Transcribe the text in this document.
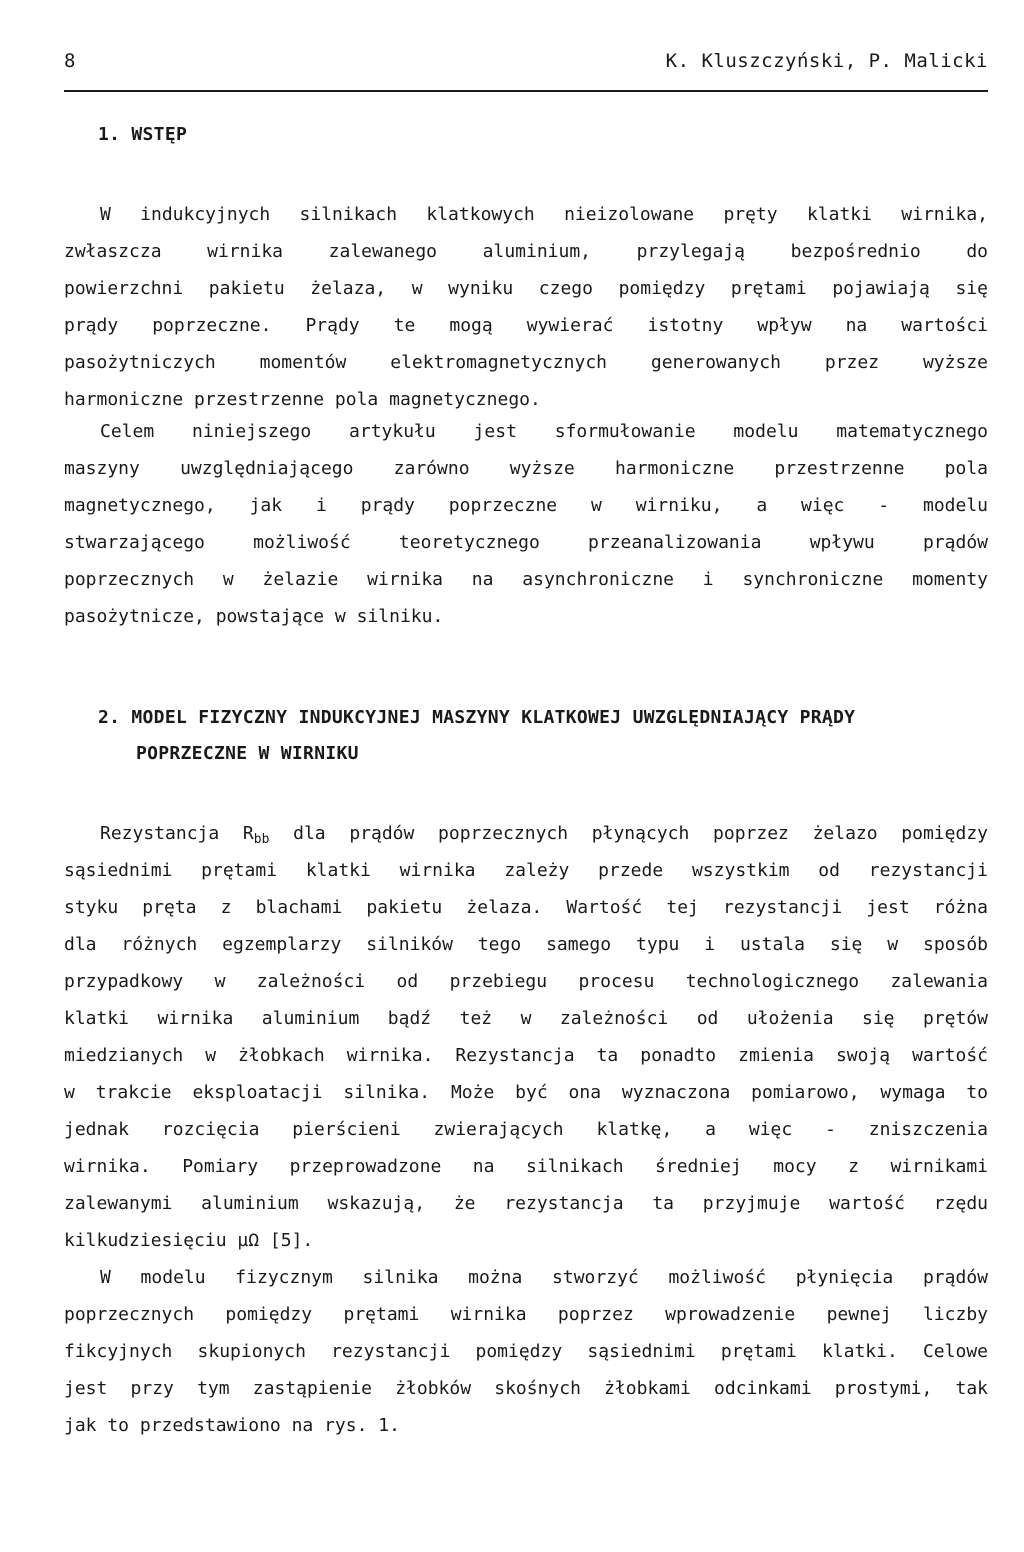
8	K. Kluszczyński, P. Malicki
1. WSTĘP
W indukcyjnych silnikach klatkowych nieizolowane pręty klatki wirnika,
zwłaszcza wirnika zalewanego aluminium, przylegają bezpośrednio do
powierzchni pakietu żelaza, w wyniku czego pomiędzy prętami pojawiają się
prądy poprzeczne. Prądy te mogą wywierać istotny wpływ na wartości
pasożytniczych momentów elektromagnetycznych generowanych przez wyższe
harmoniczne przestrzenne pola magnetycznego.
Celem niniejszego artykułu jest sformułowanie modelu matematycznego
maszyny uwzględniającego zarówno wyższe harmoniczne przestrzenne pola
magnetycznego, jak i prądy poprzeczne w wirniku, a więc - modelu
stwarzającego możliwość teoretycznego przeanalizowania wpływu prądów
poprzecznych w żelazie wirnika na asynchroniczne i synchroniczne momenty
pasożytnicze, powstające w silniku.
2. MODEL FIZYCZNY INDUKCYJNEJ MASZYNY KLATKOWEJ UWZGLĘDNIAJĄCY PRĄDY
POPRZECZNE W WIRNIKU
Rezystancja $R_{bb}$ dla prądów poprzecznych płynących poprzez żelazo pomiędzy
sąsiednimi prętami klatki wirnika zależy przede wszystkim od rezystancji
styku pręta z blachami pakietu żelaza. Wartość tej rezystancji jest różna
dla różnych egzemplarzy silników tego samego typu i ustala się w sposób
przypadkowy w zależności od przebiegu procesu technologicznego zalewania
klatki wirnika aluminium bądź też w zależności od ułożenia się prętów
miedzianych w żłobkach wirnika. Rezystancja ta ponadto zmienia swoją wartość
w trakcie eksploatacji silnika. Może być ona wyznaczona pomiarowo, wymaga to
jednak rozcięcia pierścieni zwierających klatkę, a więc - zniszczenia
wirnika. Pomiary przeprowadzone na silnikach średniej mocy z wirnikami
zalewanymi aluminium wskazują, że rezystancja ta przyjmuje wartość rzędu
kilkudziesięciu µΩ [5].
W modelu fizycznym silnika można stworzyć możliwość płynięcia prądów
poprzecznych pomiędzy prętami wirnika poprzez wprowadzenie pewnej liczby
fikcyjnych skupionych rezystancji pomiędzy sąsiednimi prętami klatki. Celowe
jest przy tym zastąpienie żłobków skośnych żłobkami odcinkami prostymi, tak
jak to przedstawiono na rys. 1.
